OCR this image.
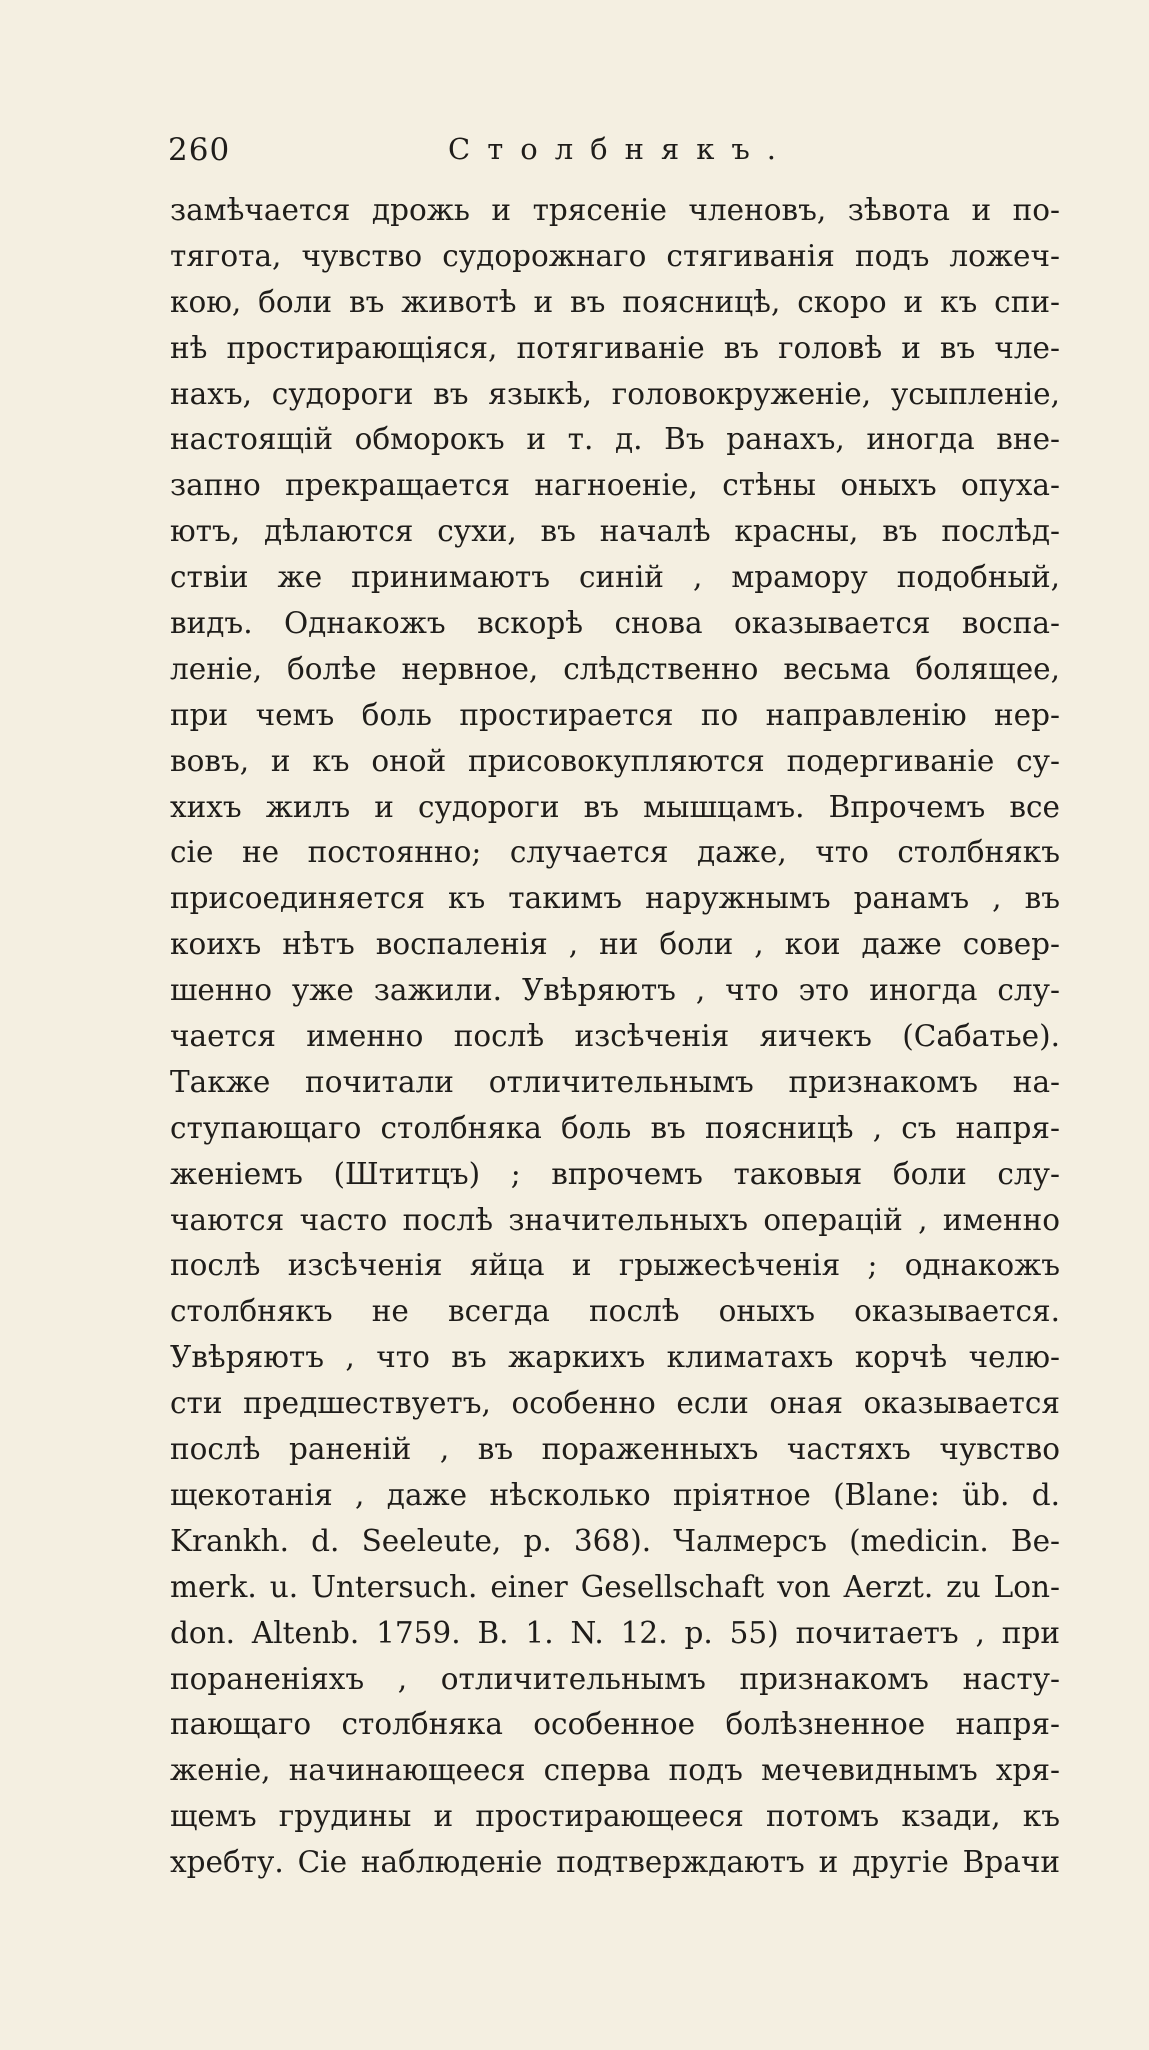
260	Столбнякъ.
замѣчается дрожь и трясеніе членовъ, зѣвота и по-
тягота, чувство судорожнаго стягиванія подъ ложеч-
кою, боли въ животѣ и въ поясницѣ, скоро и къ спи-
нѣ простирающіяся, потягиваніе въ головѣ и въ чле-
нахъ, судороги въ языкѣ, головокруженіе, усыпленіе,
настоящій обморокъ и т. д. Въ ранахъ, иногда вне-
запно прекращается нагноеніе, стѣны оныхъ опуха-
ютъ, дѣлаются сухи, въ началѣ красны, въ послѣд-
ствіи же принимаютъ синій , мрамору подобный,
видъ. Однакожъ вскорѣ снова оказывается воспа-
леніе, болѣе нервное, слѣдственно весьма болящее,
при чемъ боль простирается по направленію нер-
вовъ, и къ оной присовокупляются подергиваніе су-
хихъ жилъ и судороги въ мышцамъ. Впрочемъ все
сіе не постоянно; случается даже, что столбнякъ
присоединяется къ такимъ наружнымъ ранамъ , въ
коихъ нѣтъ воспаленія , ни боли , кои даже совер-
шенно уже зажили. Увѣряютъ , что это иногда слу-
чается именно послѣ изсѣченія яичекъ (Сабатье).
Также почитали отличительнымъ признакомъ на-
ступающаго столбняка боль въ поясницѣ , съ напря-
женіемъ (Штитцъ) ; впрочемъ таковыя боли слу-
чаются часто послѣ значительныхъ операцій , именно
послѣ изсѣченія яйца и грыжесѣченія ; однакожъ
столбнякъ не всегда послѣ оныхъ оказывается.
Увѣряютъ , что въ жаркихъ климатахъ корчѣ челю-
сти предшествуетъ, особенно если оная оказывается
послѣ раненій , въ пораженныхъ частяхъ чувство
щекотанія , даже нѣсколько пріятное (Blane: üb. d.
Krankh. d. Seeleute, p. 368). Чалмерсъ (medicin. Be-
merk. u. Untersuch. einer Gesellschaft von Aerzt. zu Lon-
don. Altenb. 1759. B. 1. N. 12. p. 55) почитаетъ , при
пораненіяхъ , отличительнымъ признакомъ насту-
пающаго столбняка особенное болѣзненное напря-
женіе, начинающееся сперва подъ мечевиднымъ хря-
щемъ грудины и простирающееся потомъ кзади, къ
хребту. Сіе наблюденіе подтверждаютъ и другіе Врачи
